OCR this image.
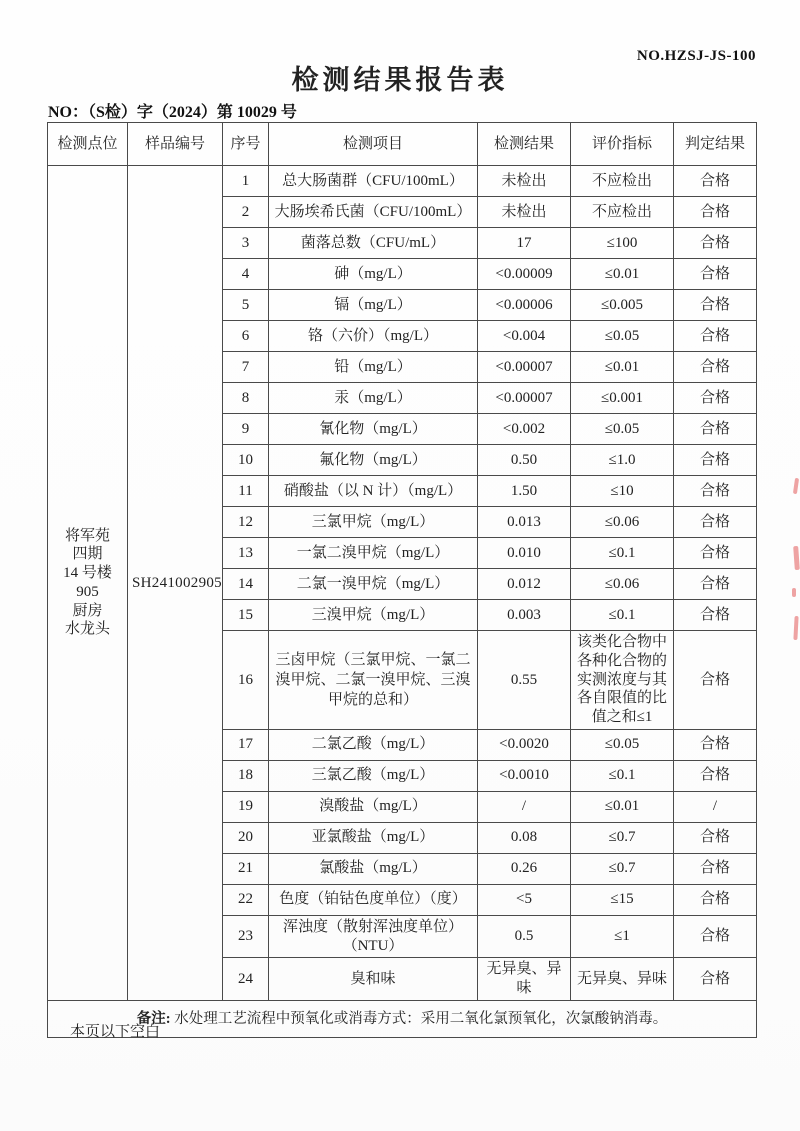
NO.HZSJ-JS-100
检测结果报告表
NO：（S检）字（2024）第 10029 号
检测点位	样品编号	序号	检测项目	检测结果	评价指标	判定结果

将军苑
四期
14 号楼
905
厨房
水龙头
	SH241002905	1	总大肠菌群（CFU/100mL）	未检出	不应检出	合格
		2	大肠埃希氏菌（CFU/100mL）	未检出	不应检出	合格
		3	菌落总数（CFU/mL）	17	≤100	合格
		4	砷（mg/L）	<0.00009	≤0.01	合格
		5	镉（mg/L）	<0.00006	≤0.005	合格
		6	铬（六价）（mg/L）	<0.004	≤0.05	合格
		7	铅（mg/L）	<0.00007	≤0.01	合格
		8	汞（mg/L）	<0.00007	≤0.001	合格
		9	氰化物（mg/L）	<0.002	≤0.05	合格
		10	氟化物（mg/L）	0.50	≤1.0	合格
		11	硝酸盐（以 N 计）（mg/L）	1.50	≤10	合格
		12	三氯甲烷（mg/L）	0.013	≤0.06	合格
		13	一氯二溴甲烷（mg/L）	0.010	≤0.1	合格
		14	二氯一溴甲烷（mg/L）	0.012	≤0.06	合格
		15	三溴甲烷（mg/L）	0.003	≤0.1	合格
		16	三卤甲烷（三氯甲烷、一氯二溴甲烷、二氯一溴甲烷、三溴甲烷的总和）	0.55	该类化合物中各种化合物的实测浓度与其各自限值的比值之和≤1	合格
		17	二氯乙酸（mg/L）	<0.0020	≤0.05	合格
		18	三氯乙酸（mg/L）	<0.0010	≤0.1	合格
		19	溴酸盐（mg/L）	/	≤0.01	/
		20	亚氯酸盐（mg/L）	0.08	≤0.7	合格
		21	氯酸盐（mg/L）	0.26	≤0.7	合格
		22	色度（铂钴色度单位）（度）	<5	≤15	合格
		23	浑浊度（散射浑浊度单位）（NTU）	0.5	≤1	合格
		24	臭和味	无异臭、异味	无异臭、异味	合格
备注: 水处理工艺流程中预氧化或消毒方式：采用二氧化氯预氧化，次氯酸钠消毒。						
本页以下空白
